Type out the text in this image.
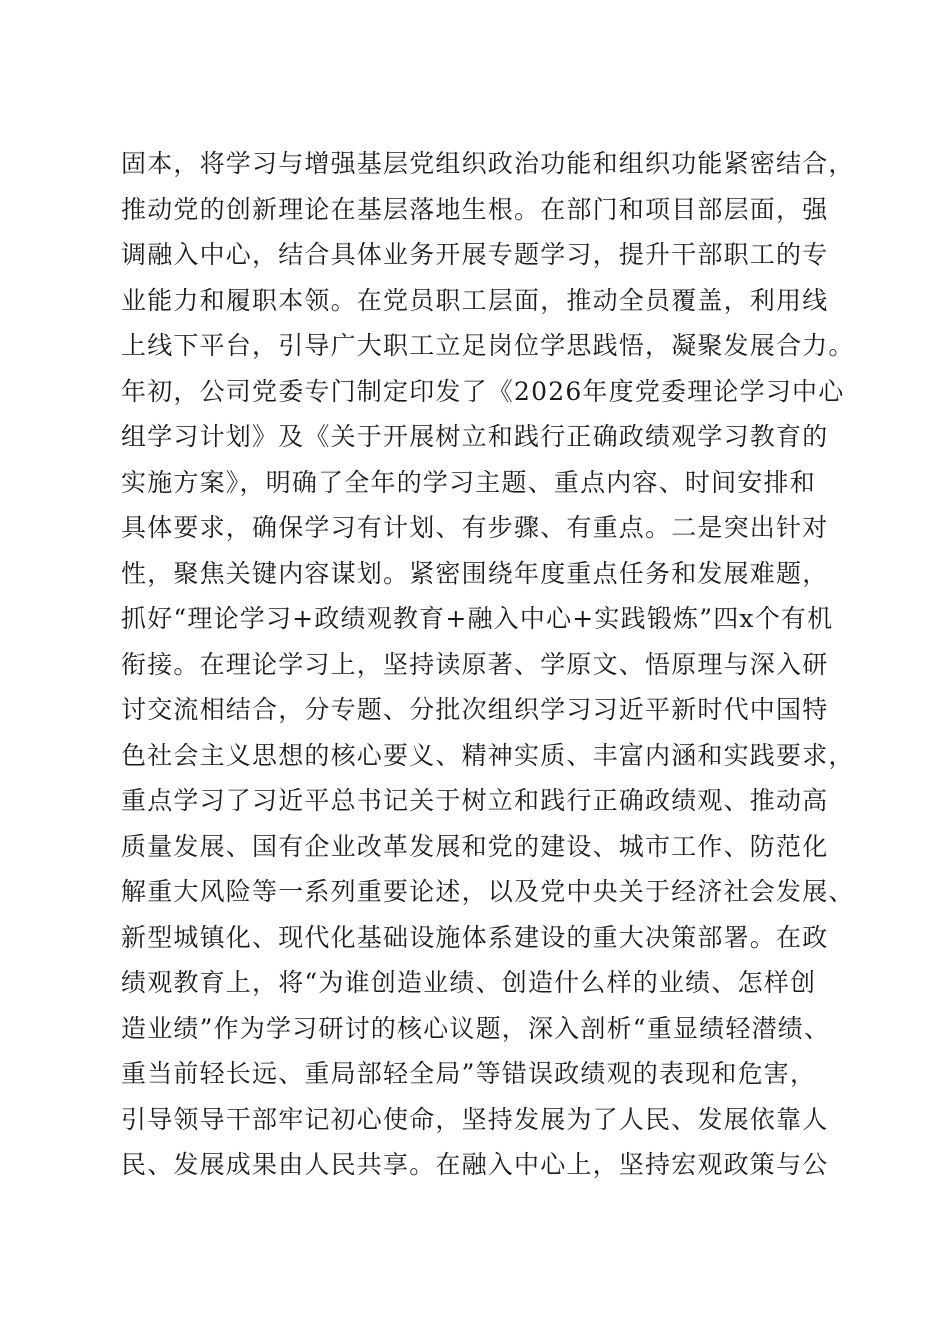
固本，将学习与增强基层党组织政治功能和组织功能紧密结合，
推动党的创新理论在基层落地生根。在部门和项目部层面，强
调融入中心，结合具体业务开展专题学习，提升干部职工的专
业能力和履职本领。在党员职工层面，推动全员覆盖，利用线
上线下平台，引导广大职工立足岗位学思践悟，凝聚发展合力。
年初，公司党委专门制定印发了《2026年度党委理论学习中心
组学习计划》及《关于开展树立和践行正确政绩观学习教育的
实施方案》，明确了全年的学习主题、重点内容、时间安排和
具体要求，确保学习有计划、有步骤、有重点。二是突出针对
性，聚焦关键内容谋划。紧密围绕年度重点任务和发展难题，
抓好“理论学习+政绩观教育+融入中心+实践锻炼”四x个有机
衔接。在理论学习上，坚持读原著、学原文、悟原理与深入研
讨交流相结合，分专题、分批次组织学习习近平新时代中国特
色社会主义思想的核心要义、精神实质、丰富内涵和实践要求，
重点学习了习近平总书记关于树立和践行正确政绩观、推动高
质量发展、国有企业改革发展和党的建设、城市工作、防范化
解重大风险等一系列重要论述，以及党中央关于经济社会发展、
新型城镇化、现代化基础设施体系建设的重大决策部署。在政
绩观教育上，将“为谁创造业绩、创造什么样的业绩、怎样创
造业绩”作为学习研讨的核心议题，深入剖析“重显绩轻潜绩、
重当前轻长远、重局部轻全局”等错误政绩观的表现和危害，
引导领导干部牢记初心使命，坚持发展为了人民、发展依靠人
民、发展成果由人民共享。在融入中心上，坚持宏观政策与公
